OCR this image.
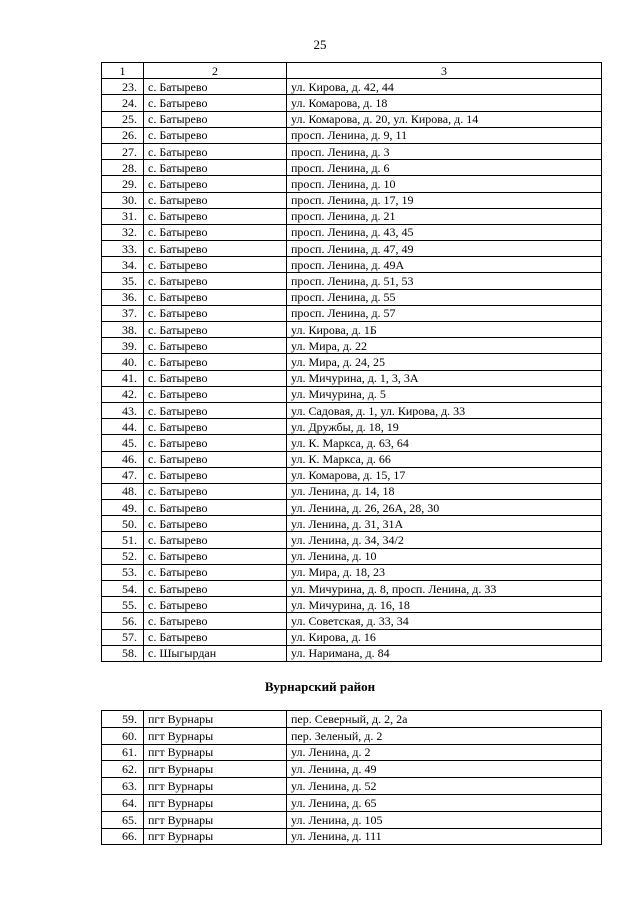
25
1	2	3
23.	с. Батырево	ул. Кирова, д. 42, 44
24.	с. Батырево	ул. Комарова, д. 18
25.	с. Батырево	ул. Комарова, д. 20, ул. Кирова, д. 14
26.	с. Батырево	просп. Ленина, д. 9, 11
27.	с. Батырево	просп. Ленина, д. 3
28.	с. Батырево	просп. Ленина, д. 6
29.	с. Батырево	просп. Ленина, д. 10
30.	с. Батырево	просп. Ленина, д. 17, 19
31.	с. Батырево	просп. Ленина, д. 21
32.	с. Батырево	просп. Ленина, д. 43, 45
33.	с. Батырево	просп. Ленина, д. 47, 49
34.	с. Батырево	просп. Ленина, д. 49А
35.	с. Батырево	просп. Ленина, д. 51, 53
36.	с. Батырево	просп. Ленина, д. 55
37.	с. Батырево	просп. Ленина, д. 57
38.	с. Батырево	ул. Кирова, д. 1Б
39.	с. Батырево	ул. Мира, д. 22
40.	с. Батырево	ул. Мира, д. 24, 25
41.	с. Батырево	ул. Мичурина, д. 1, 3, 3А
42.	с. Батырево	ул. Мичурина, д. 5
43.	с. Батырево	ул. Садовая, д. 1, ул. Кирова, д. 33
44.	с. Батырево	ул. Дружбы, д. 18, 19
45.	с. Батырево	ул. К. Маркса, д. 63, 64
46.	с. Батырево	ул. К. Маркса, д. 66
47.	с. Батырево	ул. Комарова, д. 15, 17
48.	с. Батырево	ул. Ленина, д. 14, 18
49.	с. Батырево	ул. Ленина, д. 26, 26А, 28, 30
50.	с. Батырево	ул. Ленина, д. 31, 31А
51.	с. Батырево	ул. Ленина, д. 34, 34/2
52.	с. Батырево	ул. Ленина, д. 10
53.	с. Батырево	ул. Мира, д. 18, 23
54.	с. Батырево	ул. Мичурина, д. 8, просп. Ленина, д. 33
55.	с. Батырево	ул. Мичурина, д. 16, 18
56.	с. Батырево	ул. Советская, д. 33, 34
57.	с. Батырево	ул. Кирова, д. 16
58.	с. Шыгырдан	ул. Наримана, д. 84
Вурнарский район
59.	пгт Вурнары	пер. Северный, д. 2, 2а
60.	пгт Вурнары	пер. Зеленый, д. 2
61.	пгт Вурнары	ул. Ленина, д. 2
62.	пгт Вурнары	ул. Ленина, д. 49
63.	пгт Вурнары	ул. Ленина, д. 52
64.	пгт Вурнары	ул. Ленина, д. 65
65.	пгт Вурнары	ул. Ленина, д. 105
66.	пгт Вурнары	ул. Ленина, д. 111
